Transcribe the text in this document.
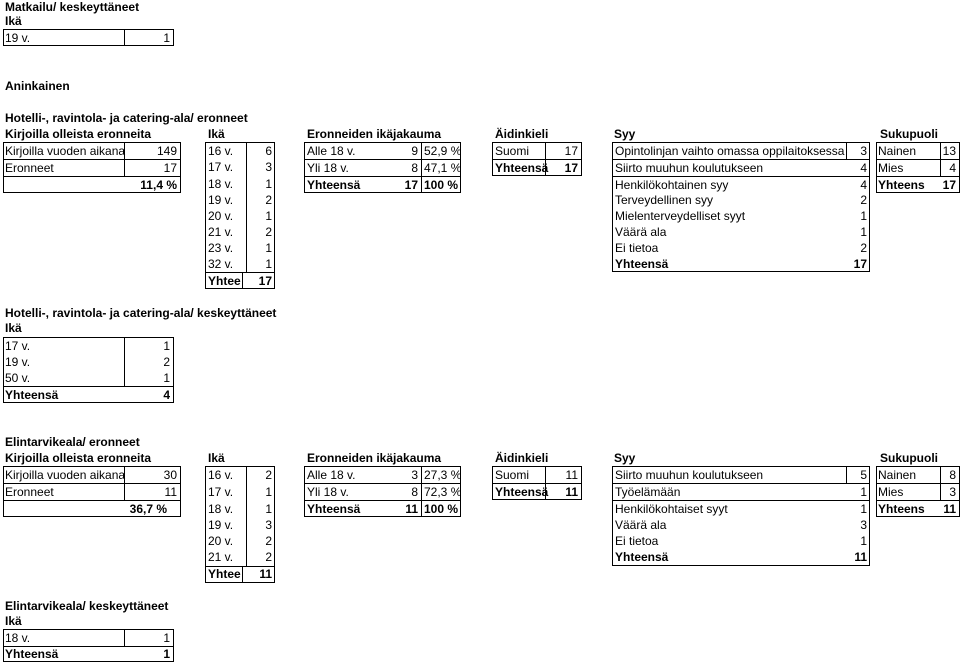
Matkailu/ keskeyttäneet
Ikä
19 v.	1
Aninkainen
Hotelli-, ravintola- ja catering-ala/ eronneet
Kirjoilla olleista eronneita	Ikä	Eronneiden ikäjakauma	Äidinkieli	Syy	Sukupuoli
Kirjoilla vuoden aikana	149
Eronneet	17
11,4 %
16 v.	6
17 v.	3
18 v.	1
19 v.	2
20 v.	1
21 v.	2
23 v.	1
32 v.	1
Yhtee	17
Alle 18 v.	9 52,9 %
Yli 18 v.	8 47,1 %
Yhteensä	17 100 %
Suomi	17
Yhteensä	17
Opintolinjan vaihto omassa oppilaitoksessa	3
Siirto muuhun koulutukseen	4
Henkilökohtainen syy	4
Terveydellinen syy	2
Mielenterveydelliset syyt	1
Väärä ala	1
Ei tietoa	2
Yhteensä	17
Nainen 13
Mies	4
Yhteens	17
Hotelli-, ravintola- ja catering-ala/ keskeyttäneet
Ikä
17 v.	1
19 v.	2
50 v.	1
Yhteensä	4
Elintarvikeala/ eronneet
Kirjoilla olleista eronneita	Ikä	Eronneiden ikäjakauma	Äidinkieli	Syy	Sukupuoli
Kirjoilla vuoden aikana	30
Eronneet	11
36,7 %
16 v.	2
17 v.	1
18 v.	1
19 v.	3
20 v.	2
21 v.	2
Yhtee	11
Alle 18 v.	3 27,3 %
Yli 18 v.	8 72,3 %
Yhteensä	11 100 %
Suomi	11
Yhteensä	11
Siirto muuhun koulutukseen	5
Työelämään	1
Henkilökohtaiset syyt	1
Väärä ala	3
Ei tietoa	1
Yhteensä	11
Nainen	8
Mies	3
Yhteens	11
Elintarvikeala/ keskeyttäneet
Ikä
18 v.	1
Yhteensä	1
